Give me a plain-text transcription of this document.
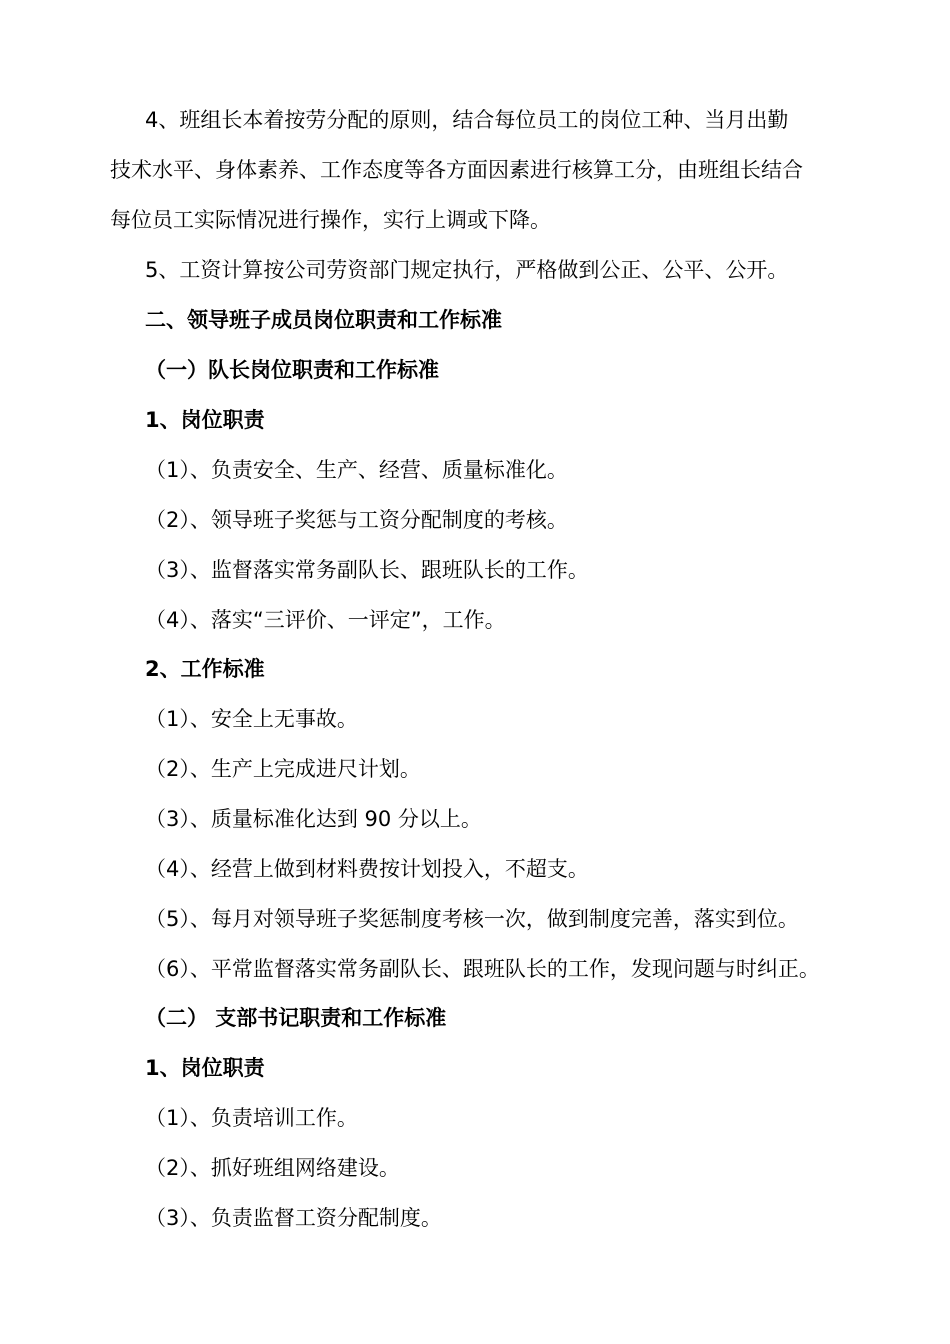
4、班组长本着按劳分配的原则，结合每位员工的岗位工种、当月出勤
技术水平、身体素养、工作态度等各方面因素进行核算工分，由班组长结合
每位员工实际情况进行操作，实行上调或下降。
5、工资计算按公司劳资部门规定执行，严格做到公正、公平、公开。
二、领导班子成员岗位职责和工作标准
（一）队长岗位职责和工作标准
1、岗位职责
（1）、负责安全、生产、经营、质量标准化。
（2）、领导班子奖惩与工资分配制度的考核。
（3）、监督落实常务副队长、跟班队长的工作。
（4）、落实“三评价、一评定”，工作。
2、工作标准
（1）、安全上无事故。
（2）、生产上完成进尺计划。
（3）、质量标准化达到 90 分以上。
（4）、经营上做到材料费按计划投入，不超支。
（5）、每月对领导班子奖惩制度考核一次，做到制度完善，落实到位。
（6）、平常监督落实常务副队长、跟班队长的工作，发现问题与时纠正。
（二） 支部书记职责和工作标准
1、岗位职责
（1）、负责培训工作。
（2）、抓好班组网络建设。
（3）、负责监督工资分配制度。
